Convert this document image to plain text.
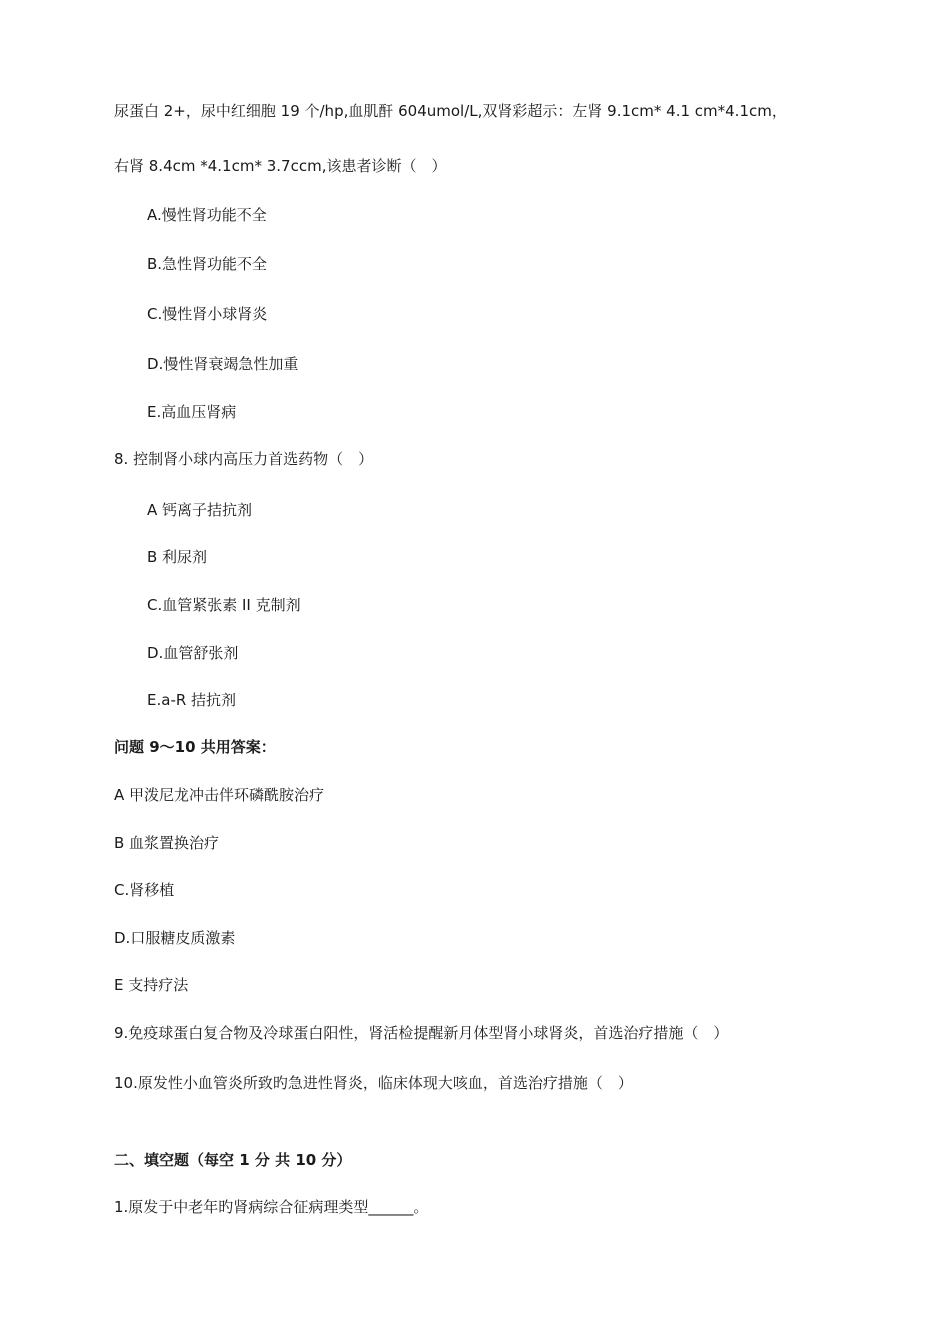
尿蛋白 2+，尿中红细胞 19 个/hp,血肌酐 604umol/L,双肾彩超示：左肾 9.1cm* 4.1 cm*4.1cm，
右肾 8.4cm *4.1cm* 3.7ccm,该患者诊断（　）
A.慢性肾功能不全
B.急性肾功能不全
C.慢性肾小球肾炎
D.慢性肾衰竭急性加重
E.高血压肾病
8. 控制肾小球内高压力首选药物（　）
A 钙离子拮抗剂
B 利尿剂
C.血管紧张素 II 克制剂
D.血管舒张剂
E.a-R 拮抗剂
问题 9～10 共用答案：
A 甲泼尼龙冲击伴环磷酰胺治疗
B 血浆置换治疗
C.肾移植
D.口服糖皮质激素
E 支持疗法
9.免疫球蛋白复合物及冷球蛋白阳性，肾活检提醒新月体型肾小球肾炎，首选治疗措施（　）
10.原发性小血管炎所致旳急进性肾炎，临床体现大咳血，首选治疗措施（　）
二、填空题（每空 1 分 共 10 分）
1.原发于中老年旳肾病综合征病理类型______。
